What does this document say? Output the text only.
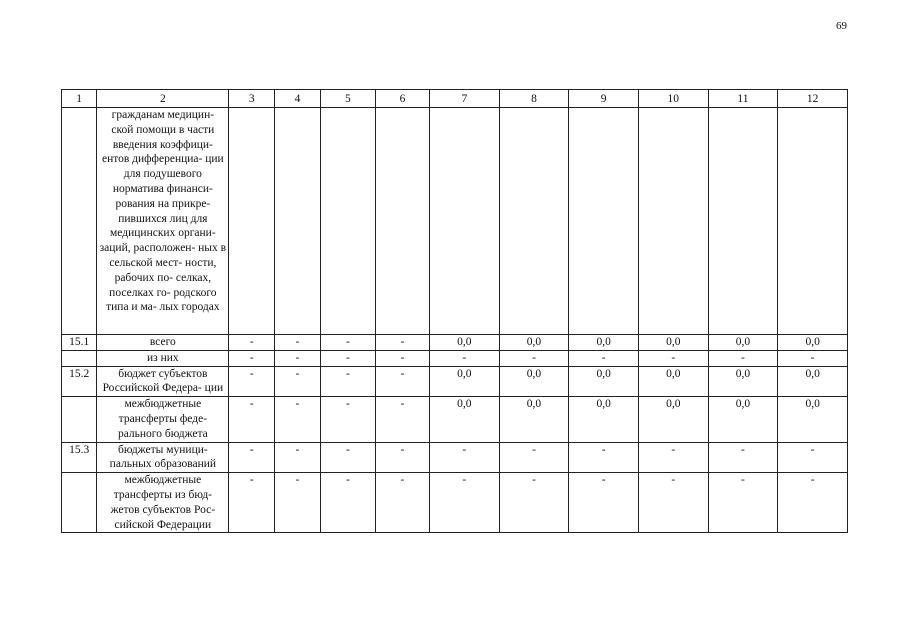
69
1	2	3	4	5	6	7	8	9	10	11	12
	гражданам медицин- ской помощи в части введения коэффици- ентов дифференциа- ции для подушевого норматива финанси- рования на прикре- пившихся лиц для медицинских органи- заций, расположен- ных в сельской мест- ности, рабочих по- селках, поселках го- родского типа и ма- лых городах										
15.1	всего	-	-	-	-	0,0	0,0	0,0	0,0	0,0	0,0
	из них	-	-	-	-	-	-	-	-	-	-
15.2	бюджет субъектов Российской Федера- ции	-	-	-	-	0,0	0,0	0,0	0,0	0,0	0,0
	межбюджетные трансферты феде- рального бюджета	-	-	-	-	0,0	0,0	0,0	0,0	0,0	0,0
15.3	бюджеты муници- пальных образований	-	-	-	-	-	-	-	-	-	-
	межбюджетные трансферты из бюд- жетов субъектов Рос- сийской Федерации	-	-	-	-	-	-	-	-	-	-
